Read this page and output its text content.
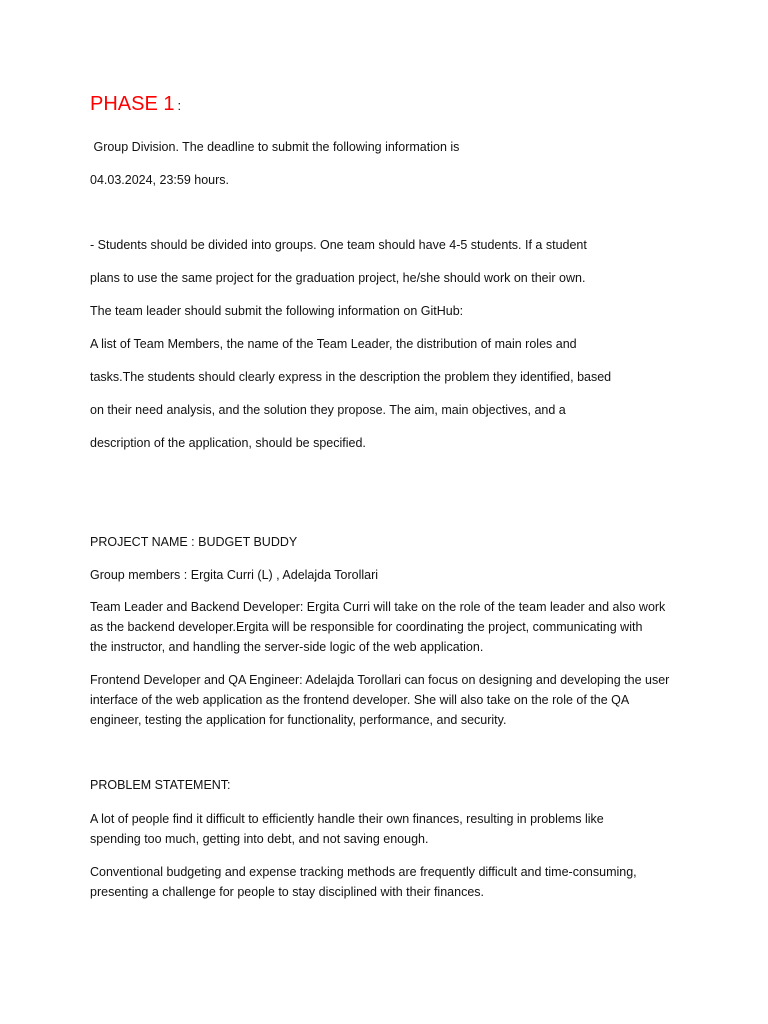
PHASE 1 :
Group Division. The deadline to submit the following information is
04.03.2024, 23:59 hours.
- Students should be divided into groups. One team should have 4-5 students. If a student
plans to use the same project for the graduation project, he/she should work on their own.
The team leader should submit the following information on GitHub:
A list of Team Members, the name of the Team Leader, the distribution of main roles and
tasks.The students should clearly express in the description the problem they identified, based
on their need analysis, and the solution they propose. The aim, main objectives, and a
description of the application, should be specified.
PROJECT NAME : BUDGET BUDDY
Group members : Ergita Curri (L) , Adelajda Torollari
Team Leader and Backend Developer: Ergita Curri will take on the role of the team leader and also work
as the backend developer.Ergita will be responsible for coordinating the project, communicating with
the instructor, and handling the server-side logic of the web application.
Frontend Developer and QA Engineer: Adelajda Torollari can focus on designing and developing the user
interface of the web application as the frontend developer. She will also take on the role of the QA
engineer, testing the application for functionality, performance, and security.
PROBLEM STATEMENT:
A lot of people find it difficult to efficiently handle their own finances, resulting in problems like
spending too much, getting into debt, and not saving enough.
Conventional budgeting and expense tracking methods are frequently difficult and time-consuming,
presenting a challenge for people to stay disciplined with their finances.
